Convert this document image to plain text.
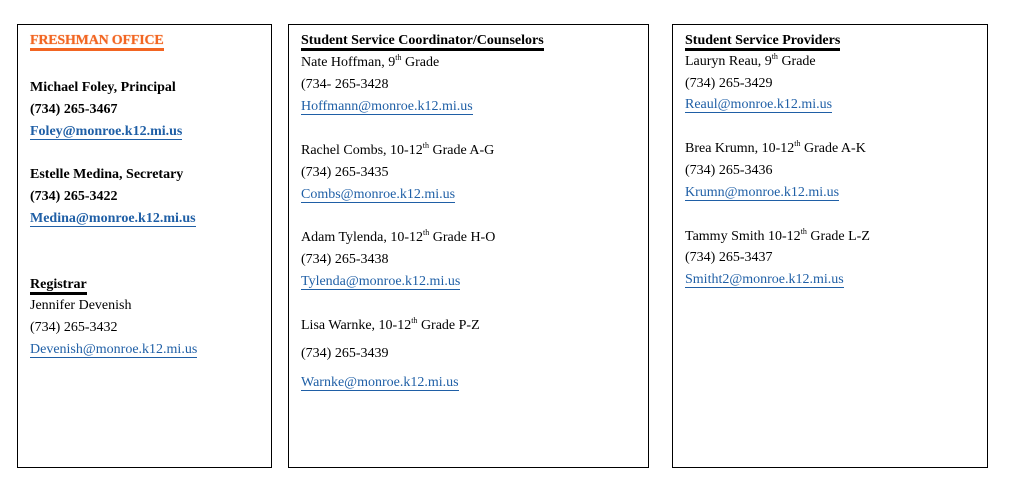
FRESHMAN OFFICE
Michael Foley, Principal
(734) 265-3467
Foley@monroe.k12.mi.us
Estelle Medina, Secretary
(734) 265-3422
Medina@monroe.k12.mi.us
Registrar
Jennifer Devenish
(734) 265-3432
Devenish@monroe.k12.mi.us
Student Service Coordinator/Counselors
Nate Hoffman, 9th Grade
(734- 265-3428
Hoffmann@monroe.k12.mi.us
Rachel Combs, 10-12th Grade A-G
(734) 265-3435
Combs@monroe.k12.mi.us
Adam Tylenda, 10-12th Grade H-O
(734) 265-3438
Tylenda@monroe.k12.mi.us
Lisa Warnke, 10-12th Grade P-Z
(734) 265-3439
Warnke@monroe.k12.mi.us
Student Service Providers
Lauryn Reau, 9th Grade
(734) 265-3429
Reaul@monroe.k12.mi.us
Brea Krumn, 10-12th Grade A-K
(734) 265-3436
Krumn@monroe.k12.mi.us
Tammy Smith 10-12th Grade L-Z
(734) 265-3437
Smitht2@monroe.k12.mi.us
